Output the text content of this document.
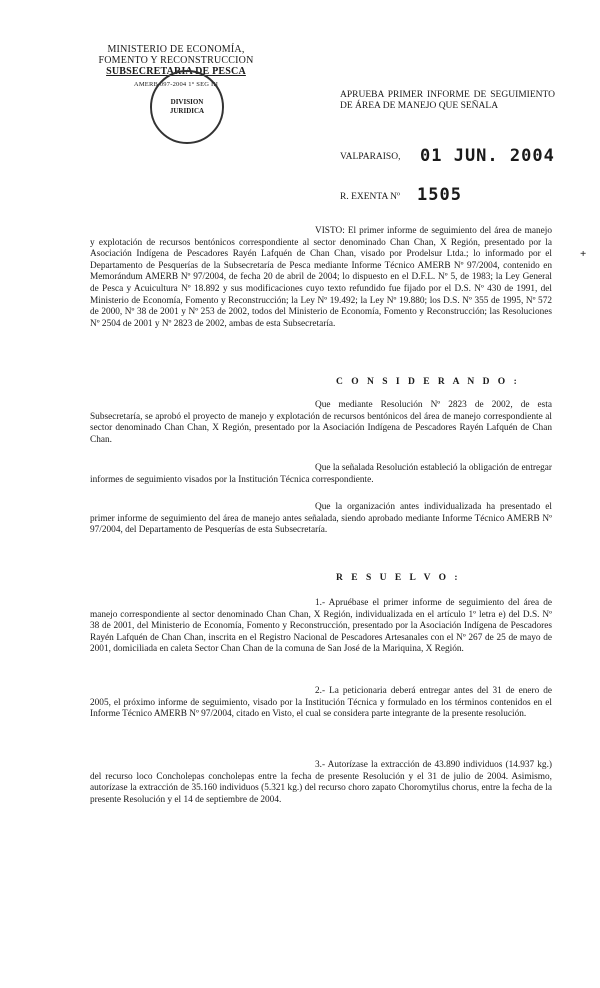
MINISTERIO DE ECONOMÍA,
FOMENTO Y RECONSTRUCCION
SUBSECRETARIA DE PESCA
AMERB 097-2004 1° SEG III
DIVISION
JURIDICA
APRUEBA PRIMER INFORME DE SEGUIMIENTO DE ÁREA DE MANEJO QUE SEÑALA
VALPARAISO, 01 JUN. 2004
R. EXENTA Nº 1505
+
VISTO: El primer informe de seguimiento del área de manejo y explotación de recursos bentónicos correspondiente al sector denominado Chan Chan, X Región, presentado por la Asociación Indígena de Pescadores Rayén Lafquén de Chan Chan, visado por Prodelsur Ltda.; lo informado por el Departamento de Pesquerías de la Subsecretaría de Pesca mediante Informe Técnico AMERB Nº 97/2004, contenido en Memorándum AMERB Nº 97/2004, de fecha 20 de abril de 2004; lo dispuesto en el D.F.L. Nº 5, de 1983; la Ley General de Pesca y Acuicultura Nº 18.892 y sus modificaciones cuyo texto refundido fue fijado por el D.S. Nº 430 de 1991, del Ministerio de Economía, Fomento y Reconstrucción; la Ley Nº 19.492; la Ley Nº 19.880; los D.S. Nº 355 de 1995, Nº 572 de 2000, Nº 38 de 2001 y Nº 253 de 2002, todos del Ministerio de Economía, Fomento y Reconstrucción; las Resoluciones Nº 2504 de 2001 y Nº 2823 de 2002, ambas de esta Subsecretaría.
C O N S I D E R A N D O :
Que mediante Resolución Nº 2823 de 2002, de esta Subsecretaría, se aprobó el proyecto de manejo y explotación de recursos bentónicos del área de manejo correspondiente al sector denominado Chan Chan, X Región, presentado por la Asociación Indígena de Pescadores Rayén Lafquén de Chan Chan.
Que la señalada Resolución estableció la obligación de entregar informes de seguimiento visados por la Institución Técnica correspondiente.
Que la organización antes individualizada ha presentado el primer informe de seguimiento del área de manejo antes señalada, siendo aprobado mediante Informe Técnico AMERB Nº 97/2004, del Departamento de Pesquerías de esta Subsecretaría.
R E S U E L V O :
1.- Apruébase el primer informe de seguimiento del área de manejo correspondiente al sector denominado Chan Chan, X Región, individualizada en el artículo 1º letra e) del D.S. Nº 38 de 2001, del Ministerio de Economía, Fomento y Reconstrucción, presentado por la Asociación Indígena de Pescadores Rayén Lafquén de Chan Chan, inscrita en el Registro Nacional de Pescadores Artesanales con el Nº 267 de 25 de mayo de 2001, domiciliada en caleta Sector Chan Chan de la comuna de San José de la Mariquina, X Región.
2.- La peticionaria deberá entregar antes del 31 de enero de 2005, el próximo informe de seguimiento, visado por la Institución Técnica y formulado en los términos contenidos en el Informe Técnico AMERB Nº 97/2004, citado en Visto, el cual se considera parte integrante de la presente resolución.
3.- Autorízase la extracción de 43.890 individuos (14.937 kg.) del recurso loco Concholepas concholepas entre la fecha de presente Resolución y el 31 de julio de 2004. Asimismo, autorízase la extracción de 35.160 individuos (5.321 kg.) del recurso choro zapato Choromytilus chorus, entre la fecha de la presente Resolución y el 14 de septiembre de 2004.
